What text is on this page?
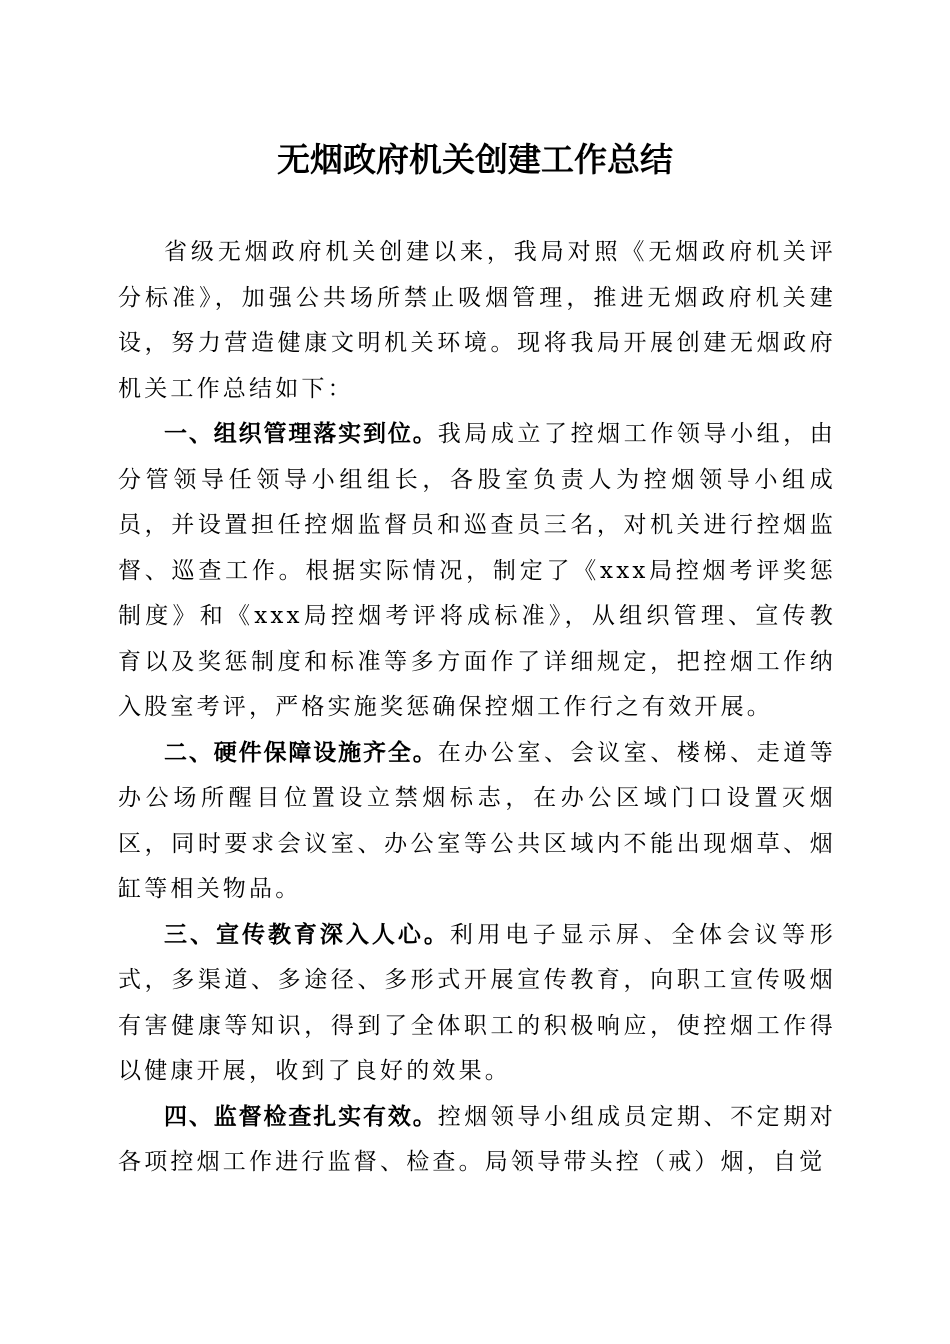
无烟政府机关创建工作总结

省级无烟政府机关创建以来，我局对照《无烟政府机关评分标准》，加强公共场所禁止吸烟管理，推进无烟政府机关建设，努力营造健康文明机关环境。现将我局开展创建无烟政府机关工作总结如下：

一、组织管理落实到位。我局成立了控烟工作领导小组，由分管领导任领导小组组长，各股室负责人为控烟领导小组成员，并设置担任控烟监督员和巡查员三名，对机关进行控烟监督、巡查工作。根据实际情况，制定了《xxx局控烟考评奖惩制度》和《xxx局控烟考评将成标准》，从组织管理、宣传教育以及奖惩制度和标准等多方面作了详细规定，把控烟工作纳入股室考评，严格实施奖惩确保控烟工作行之有效开展。

二、硬件保障设施齐全。在办公室、会议室、楼梯、走道等办公场所醒目位置设立禁烟标志，在办公区域门口设置灭烟区，同时要求会议室、办公室等公共区域内不能出现烟草、烟缸等相关物品。

三、宣传教育深入人心。利用电子显示屏、全体会议等形式，多渠道、多途径、多形式开展宣传教育，向职工宣传吸烟有害健康等知识，得到了全体职工的积极响应，使控烟工作得以健康开展，收到了良好的效果。

四、监督检查扎实有效。控烟领导小组成员定期、不定期对各项控烟工作进行监督、检查。局领导带头控（戒）烟，自觉
